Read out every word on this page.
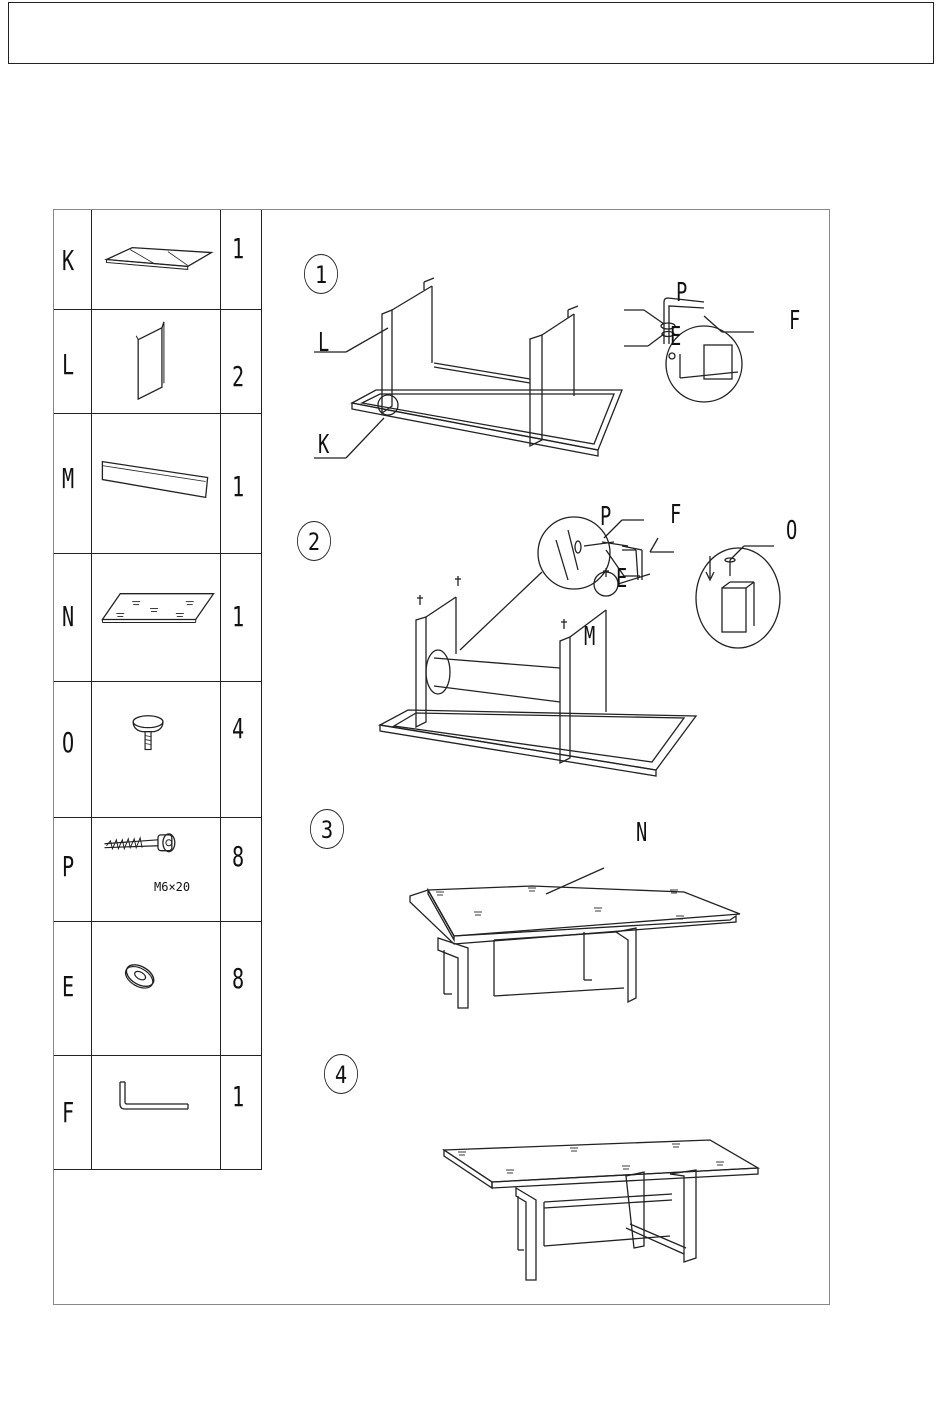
K	1
L	2
M	1
N	1
O	4
P	8
M6×20
E	8
F	1
1
L
K
P
E
F
2
P F
O
E
M
3	N
4
